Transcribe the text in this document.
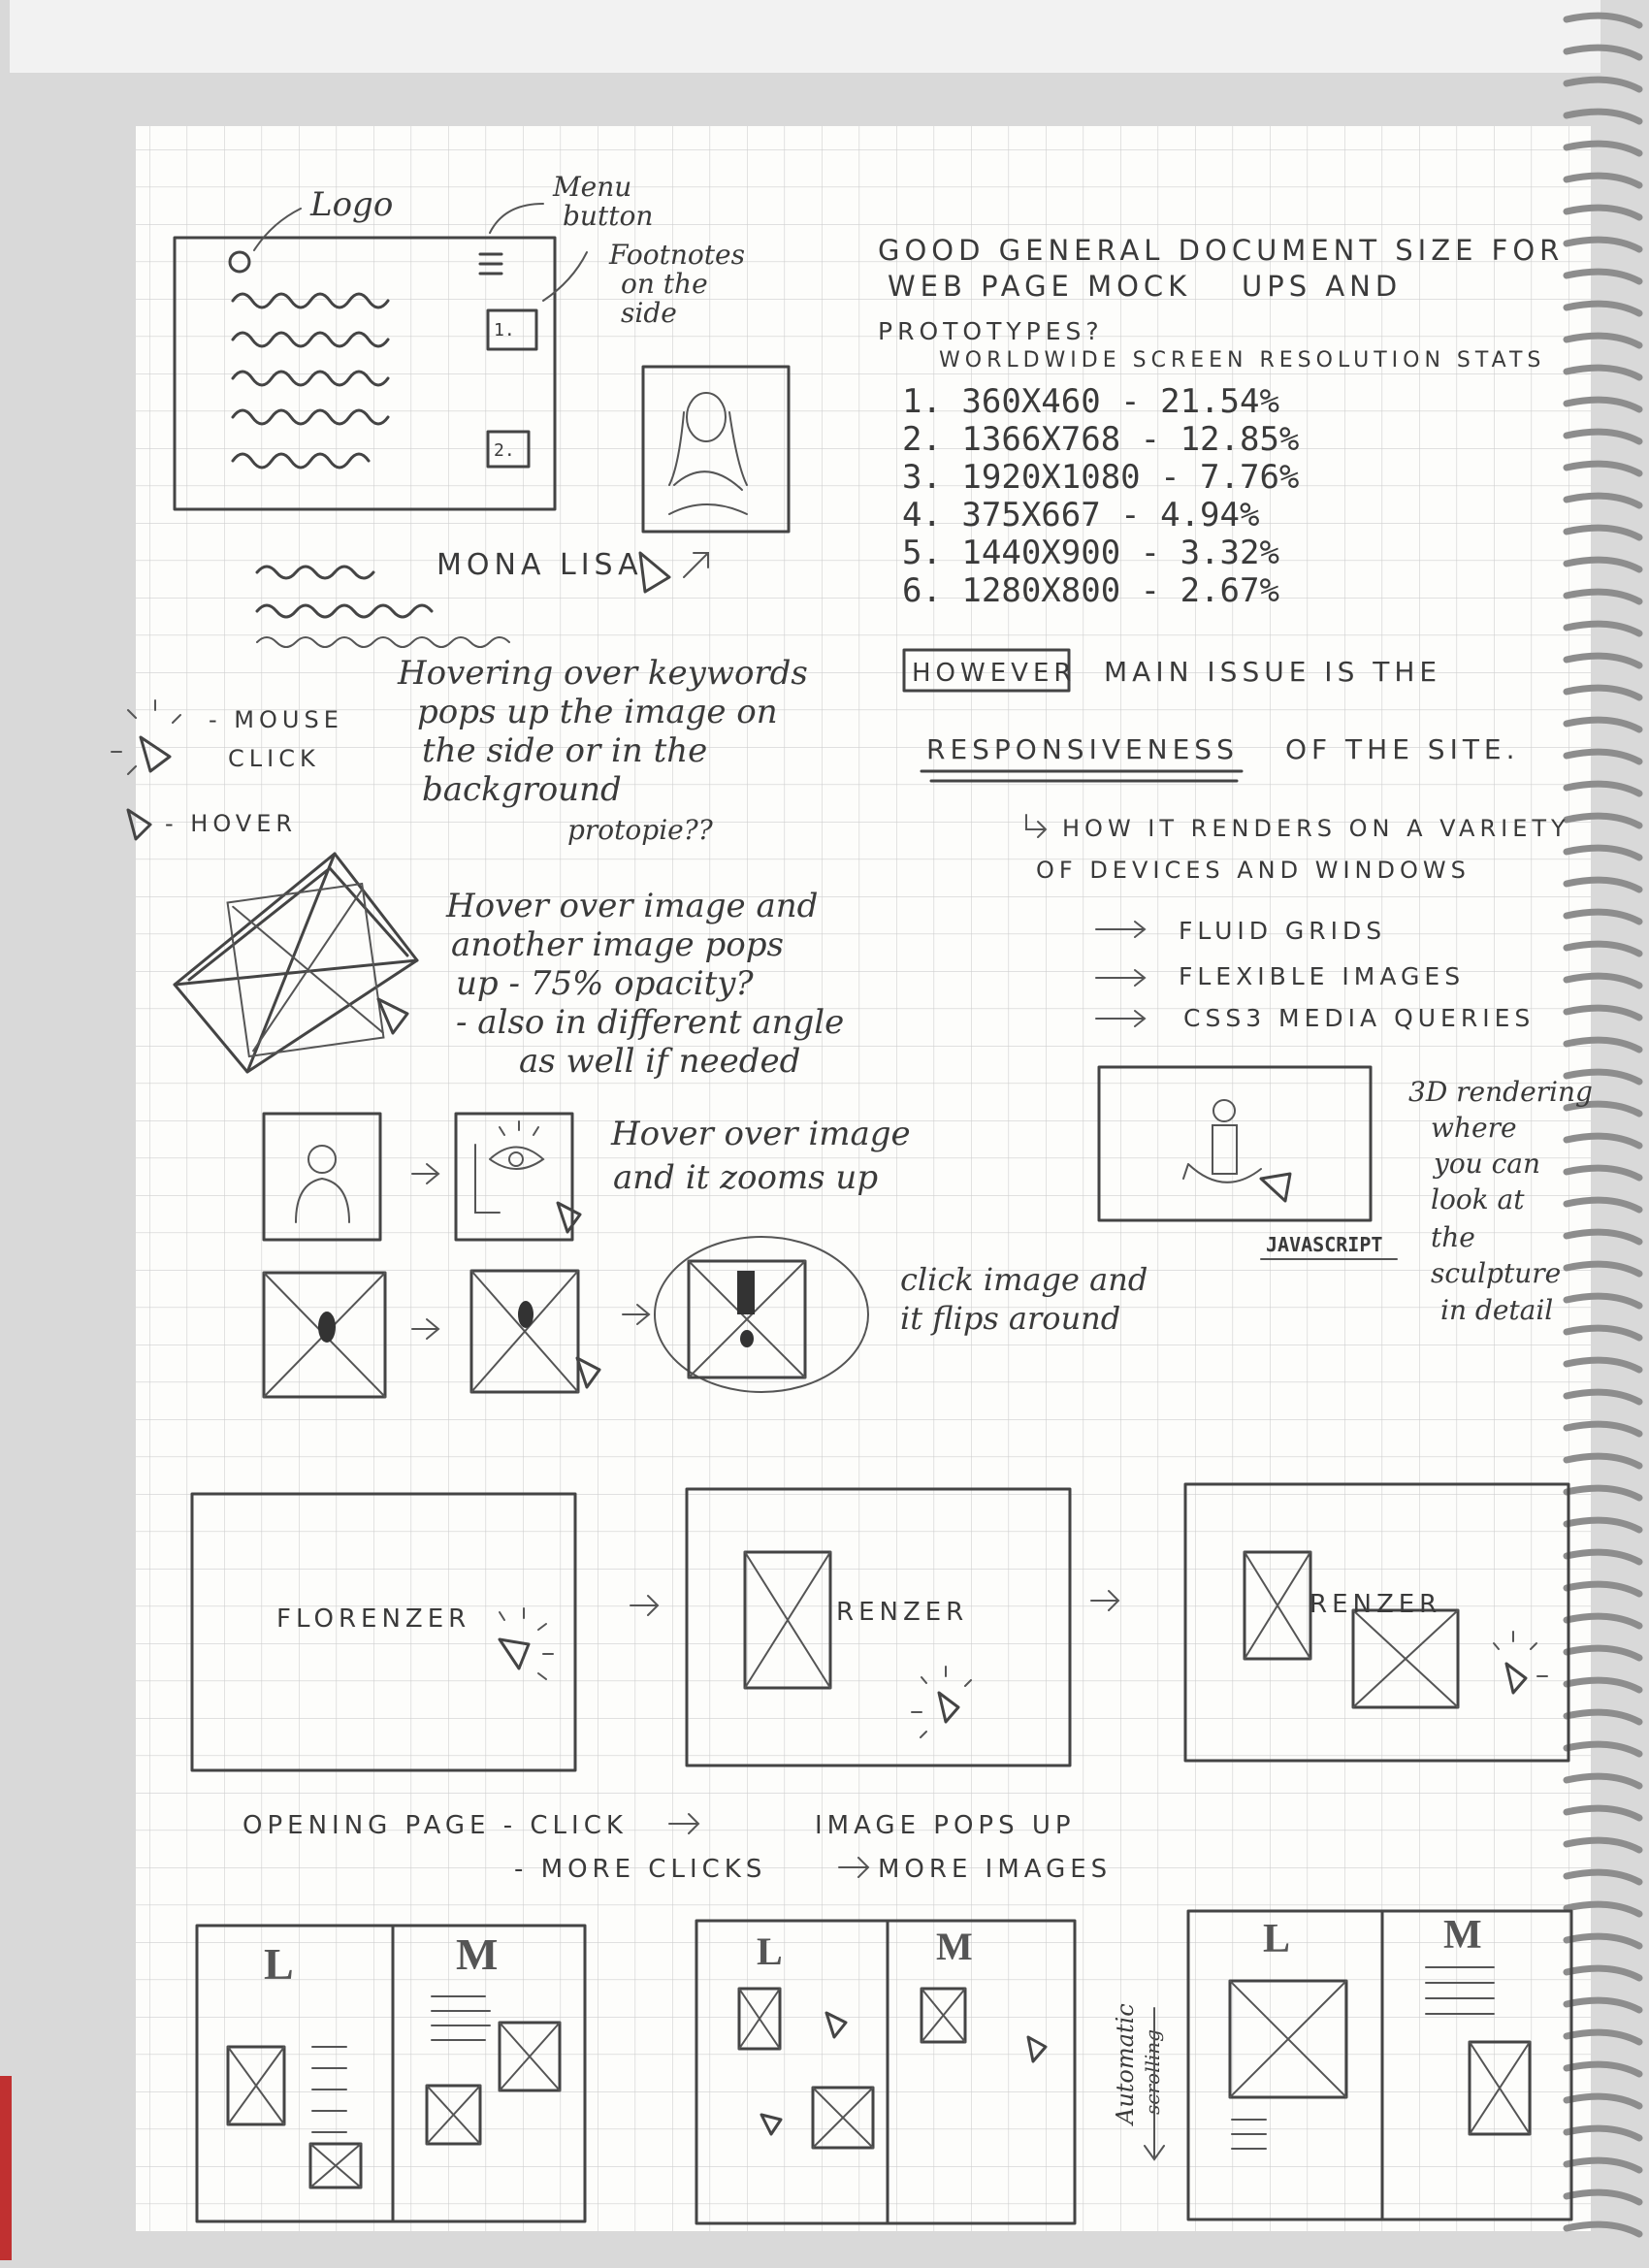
Logo	Menu
button
Footnotes
on the
side
1.
2.
MONA LISA
Hovering over keywords
pops up the image on
the side or in the
background
protopie??
- MOUSE
CLICK
- HOVER
Hover over image and
another image pops
up - 75% opacity?
- also in different angle
as well if needed
Hover over image
and it zooms up
click image and
it flips around
GOOD GENERAL DOCUMENT SIZE FOR
WEB PAGE MOCK UPS AND
PROTOTYPES?
WORLDWIDE SCREEN RESOLUTION STATS
1. 360X460 - 21.54%
2. 1366X768 - 12.85%
3. 1920X1080 - 7.76%
4. 375X667 - 4.94%
5. 1440X900 - 3.32%
6. 1280X800 - 2.67%
HOWEVER MAIN ISSUE IS THE
RESPONSIVENESS OF THE SITE.
HOW IT RENDERS ON A VARIETY
OF DEVICES AND WINDOWS
FLUID GRIDS
FLEXIBLE IMAGES
CSS3 MEDIA QUERIES
3D rendering
where
you can
look at
the
sculpture
in detail
JAVASCRIPT
FLORENZER	RENZER	RENZER
OPENING PAGE - CLICK	IMAGE POPS UP
- MORE CLICKS	MORE IMAGES
L	M	L	M
Automatic scrolling
L	M
